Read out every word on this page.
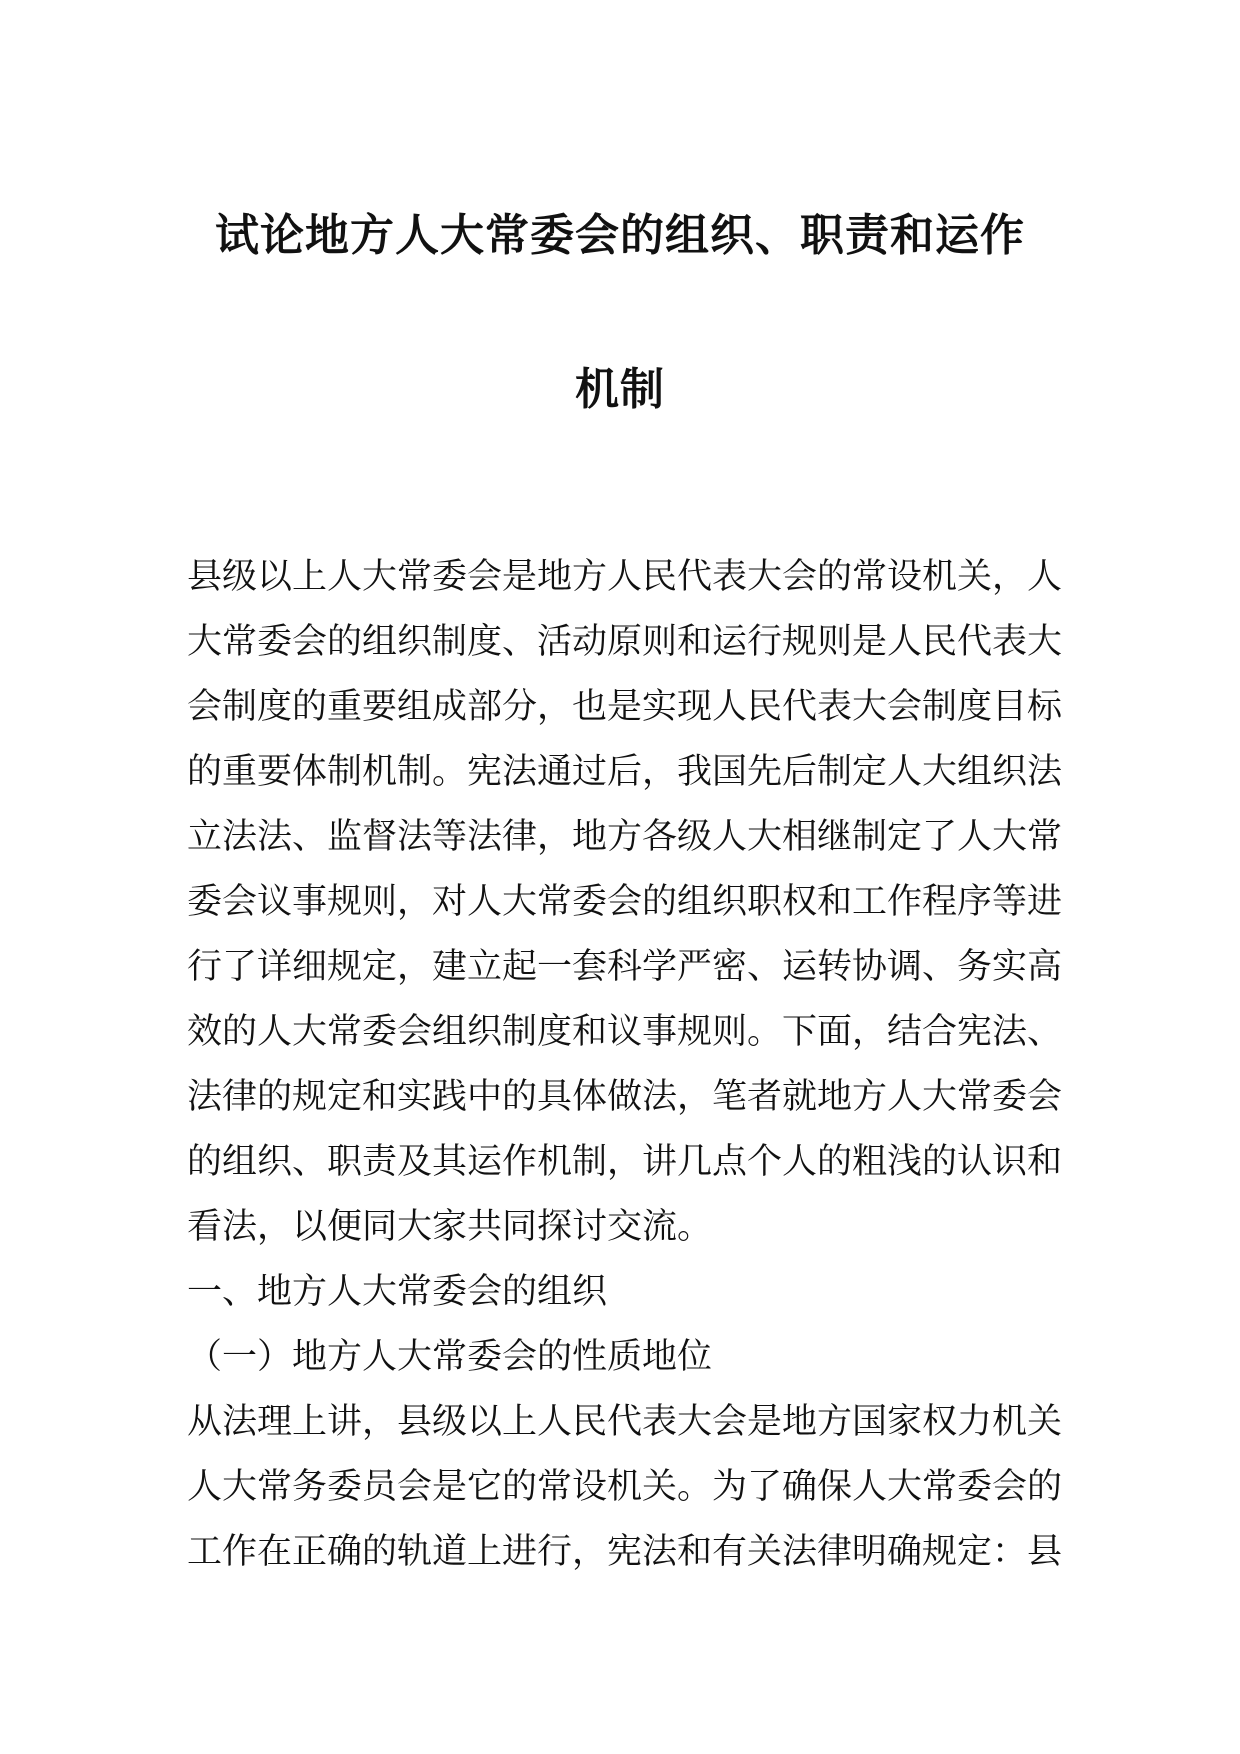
试论地方人大常委会的组织、职责和运作
机制
县级以上人大常委会是地方人民代表大会的常设机关，人
大常委会的组织制度、活动原则和运行规则是人民代表大
会制度的重要组成部分，也是实现人民代表大会制度目标
的重要体制机制。宪法通过后，我国先后制定人大组织法
立法法、监督法等法律，地方各级人大相继制定了人大常
委会议事规则，对人大常委会的组织职权和工作程序等进
行了详细规定，建立起一套科学严密、运转协调、务实高
效的人大常委会组织制度和议事规则。下面，结合宪法、
法律的规定和实践中的具体做法，笔者就地方人大常委会
的组织、职责及其运作机制，讲几点个人的粗浅的认识和
看法，以便同大家共同探讨交流。
一、地方人大常委会的组织
（一）地方人大常委会的性质地位
从法理上讲，县级以上人民代表大会是地方国家权力机关
人大常务委员会是它的常设机关。为了确保人大常委会的
工作在正确的轨道上进行，宪法和有关法律明确规定：县
